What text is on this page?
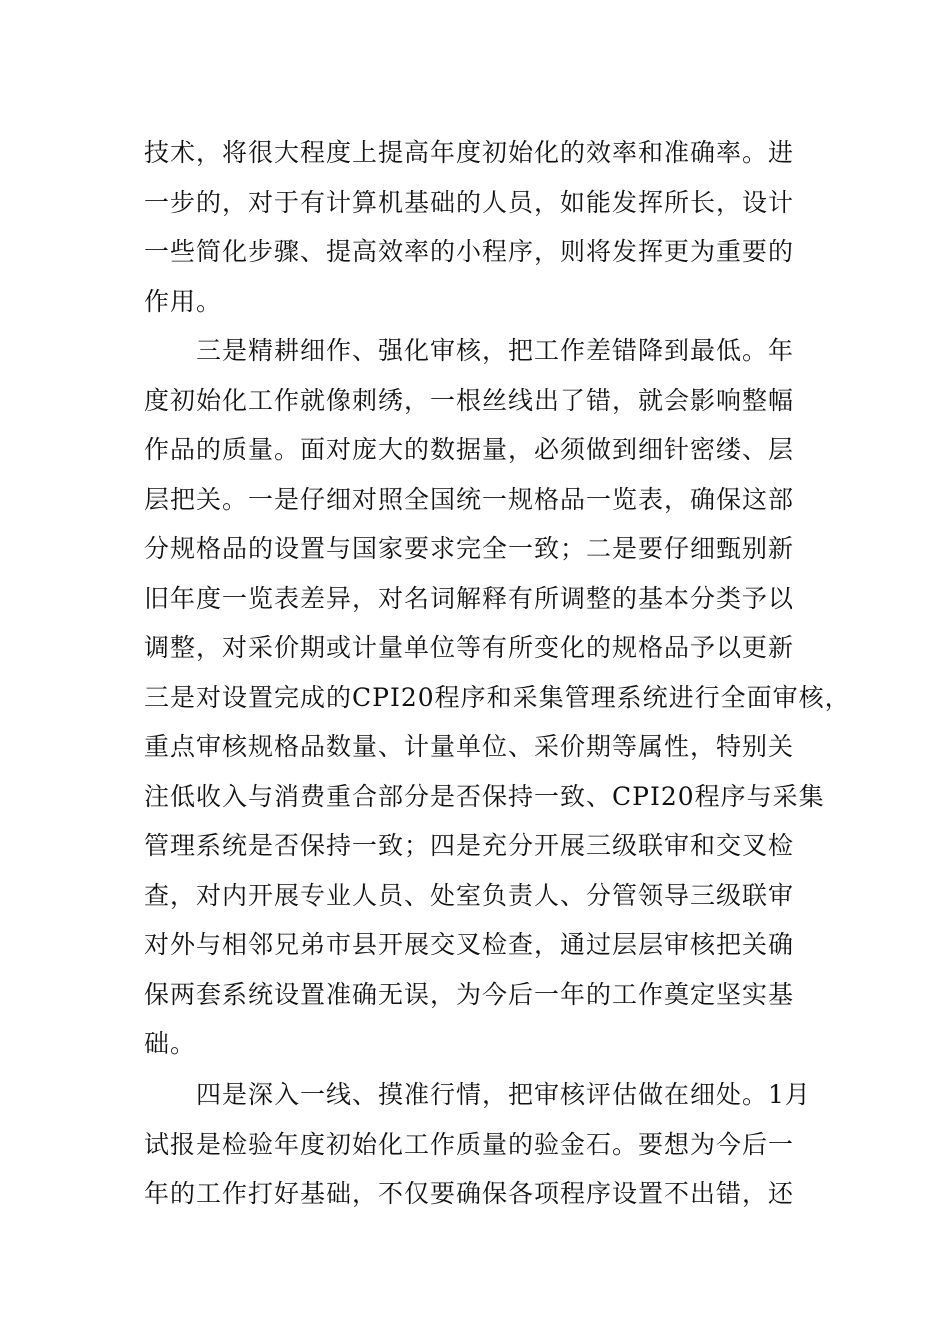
技术，将很大程度上提高年度初始化的效率和准确率。进
一步的，对于有计算机基础的人员，如能发挥所长，设计
一些简化步骤、提高效率的小程序，则将发挥更为重要的
作用。
三是精耕细作、强化审核，把工作差错降到最低。年
度初始化工作就像刺绣，一根丝线出了错，就会影响整幅
作品的质量。面对庞大的数据量，必须做到细针密缕、层
层把关。一是仔细对照全国统一规格品一览表，确保这部
分规格品的设置与国家要求完全一致；二是要仔细甄别新
旧年度一览表差异，对名词解释有所调整的基本分类予以
调整，对采价期或计量单位等有所变化的规格品予以更新
三是对设置完成的CPI20程序和采集管理系统进行全面审核，
重点审核规格品数量、计量单位、采价期等属性，特别关
注低收入与消费重合部分是否保持一致、CPI20程序与采集
管理系统是否保持一致；四是充分开展三级联审和交叉检
查，对内开展专业人员、处室负责人、分管领导三级联审
对外与相邻兄弟市县开展交叉检查，通过层层审核把关确
保两套系统设置准确无误，为今后一年的工作奠定坚实基
础。
四是深入一线、摸准行情，把审核评估做在细处。1月
试报是检验年度初始化工作质量的验金石。要想为今后一
年的工作打好基础，不仅要确保各项程序设置不出错，还
